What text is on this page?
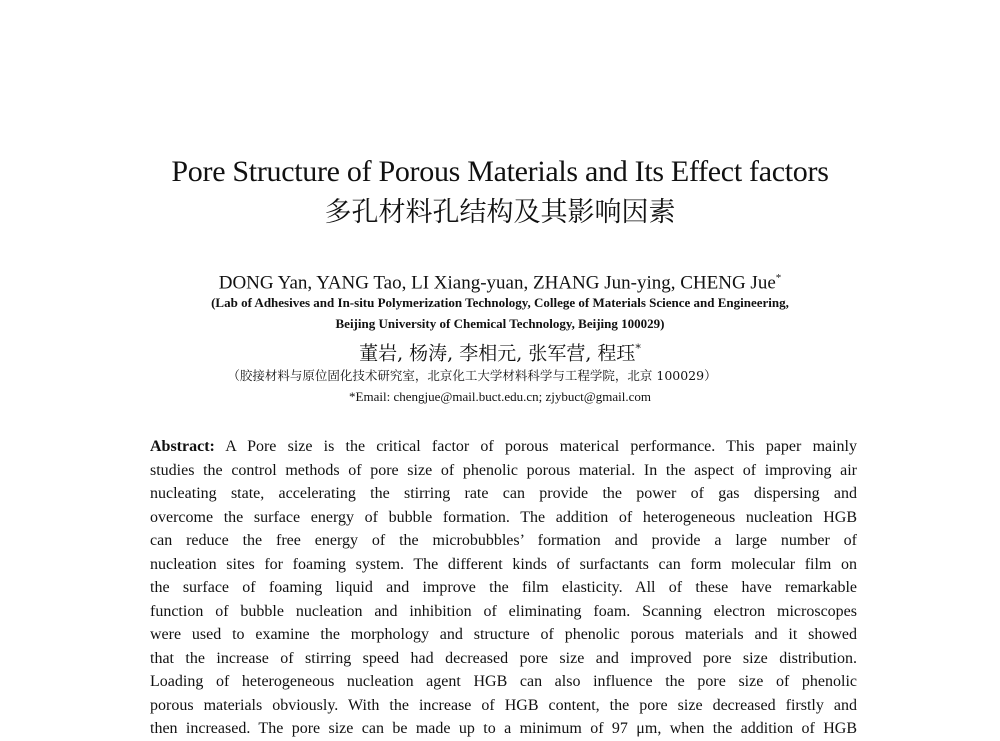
Pore Structure of Porous Materials and Its Effect factors
多孔材料孔结构及其影响因素
DONG Yan, YANG Tao, LI Xiang-yuan, ZHANG Jun-ying, CHENG Jue*
(Lab of Adhesives and In-situ Polymerization Technology, College of Materials Science and Engineering,
Beijing University of Chemical Technology, Beijing 100029)
董岩, 杨涛, 李相元, 张军营, 程珏*
（胶接材料与原位固化技术研究室，北京化工大学材料科学与工程学院，北京 100029）
*Email: chengjue@mail.buct.edu.cn; zjybuct@gmail.com
Abstract: A Pore size is the critical factor of porous materical performance. This paper mainly
studies the control methods of pore size of phenolic porous material. In the aspect of improving air
nucleating state, accelerating the stirring rate can provide the power of gas dispersing and
overcome the surface energy of bubble formation. The addition of heterogeneous nucleation HGB
can reduce the free energy of the microbubbles’ formation and provide a large number of
nucleation sites for foaming system. The different kinds of surfactants can form molecular film on
the surface of foaming liquid and improve the film elasticity. All of these have remarkable
function of bubble nucleation and inhibition of eliminating foam. Scanning electron microscopes
were used to examine the morphology and structure of phenolic porous materials and it showed
that the increase of stirring speed had decreased pore size and improved pore size distribution.
Loading of heterogeneous nucleation agent HGB can also influence the pore size of phenolic
porous materials obviously. With the increase of HGB content, the pore size decreased firstly and
then increased. The pore size can be made up to a minimum of 97 μm, when the addition of HGB
